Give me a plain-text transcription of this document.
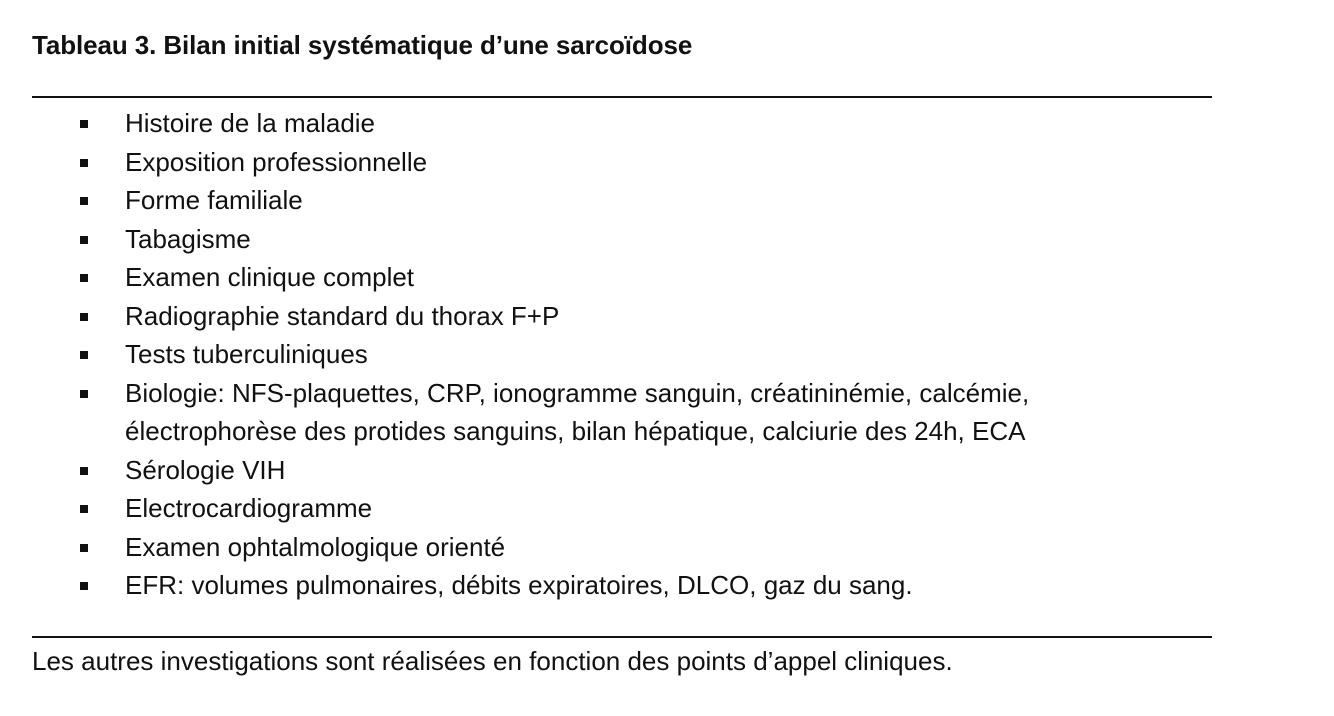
Tableau 3. Bilan initial systématique d’une sarcoïdose
Histoire de la maladie
Exposition professionnelle
Forme familiale
Tabagisme
Examen clinique complet
Radiographie standard du thorax F+P
Tests tuberculiniques
Biologie: NFS-plaquettes, CRP, ionogramme sanguin, créatininémie, calcémie,
électrophorèse des protides sanguins, bilan hépatique, calciurie des 24h, ECA
Sérologie VIH
Electrocardiogramme
Examen ophtalmologique orienté
EFR: volumes pulmonaires, débits expiratoires, DLCO, gaz du sang.
Les autres investigations sont réalisées en fonction des points d’appel cliniques.
